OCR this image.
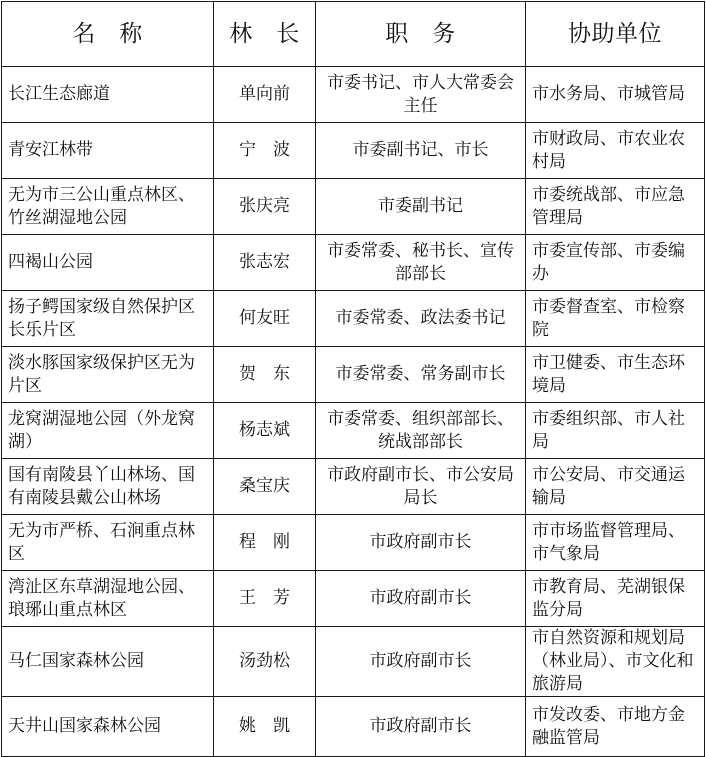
名　称	林　长	职　务	协助单位
长江生态廊道	单向前	市委书记、市人大常委会主任	市水务局、市城管局
青安江林带	宁　波	市委副书记、市长	市财政局、市农业农村局
无为市三公山重点林区、竹丝湖湿地公园	张庆亮	市委副书记	市委统战部、市应急管理局
四褐山公园	张志宏	市委常委、秘书长、宣传部部长	市委宣传部、市委编办
扬子鳄国家级自然保护区长乐片区	何友旺	市委常委、政法委书记	市委督查室、市检察院
淡水豚国家级保护区无为片区	贺　东	市委常委、常务副市长	市卫健委、市生态环境局
龙窝湖湿地公园（外龙窝湖）	杨志斌	市委常委、组织部部长、统战部部长	市委组织部、市人社局
国有南陵县丫山林场、国有南陵县戴公山林场	桑宝庆	市政府副市长、市公安局局长	市公安局、市交通运输局
无为市严桥、石涧重点林区	程　刚	市政府副市长	市市场监督管理局、市气象局
湾沚区东草湖湿地公园、琅琊山重点林区	王　芳	市政府副市长	市教育局、芜湖银保监分局
马仁国家森林公园	汤劲松	市政府副市长	市自然资源和规划局（林业局）、市文化和旅游局
天井山国家森林公园	姚　凯	市政府副市长	市发改委、市地方金融监管局
